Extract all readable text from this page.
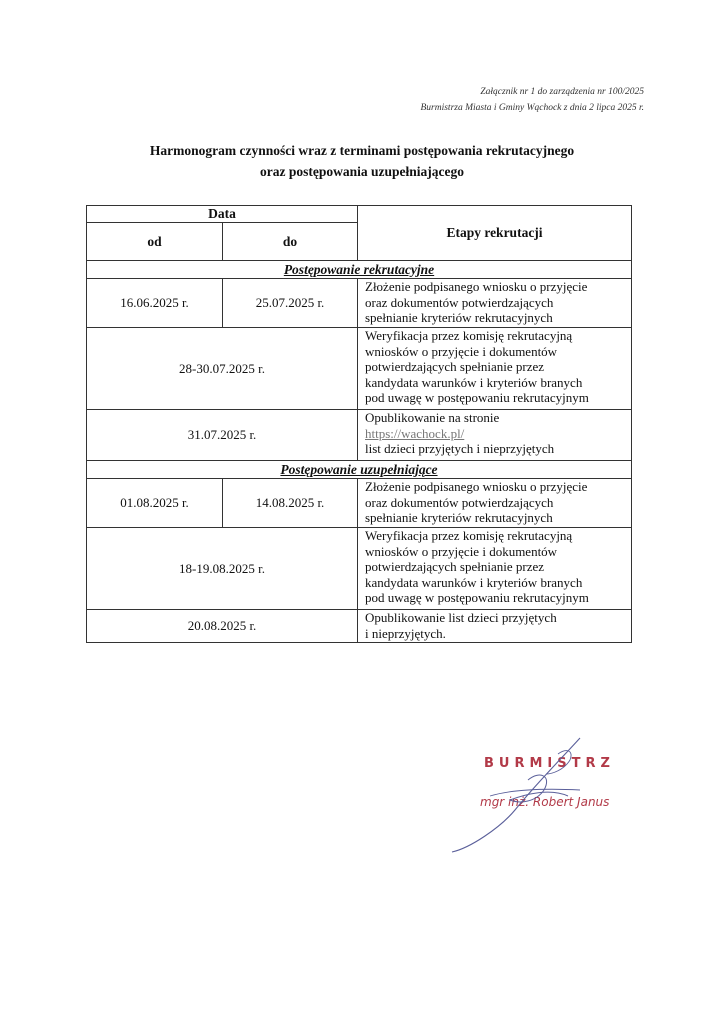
Załącznik nr 1 do zarządzenia nr 100/2025
Burmistrza Miasta i Gminy Wąchock z dnia 2 lipca 2025 r.
Harmonogram czynności wraz z terminami postępowania rekrutacyjnego
oraz postępowania uzupełniającego
Data		Etapy rekrutacji
od	do	
Postępowanie rekrutacyjne		
16.06.2025 r.	25.07.2025 r.	Złożenie podpisanego wniosku o przyjęcie
oraz dokumentów potwierdzających
spełnianie kryteriów rekrutacyjnych

28-30.07.2025 r.		Weryfikacja przez komisję rekrutacyjną
wniosków o przyjęcie i dokumentów
potwierdzających spełnianie przez
kandydata warunków i kryteriów branych
pod uwagę w postępowaniu rekrutacyjnym

31.07.2025 r.		Opublikowanie na stronie
https://wachock.pl/
list dzieci przyjętych i nieprzyjętych

Postępowanie uzupełniające		
01.08.2025 r.	14.08.2025 r.	Złożenie podpisanego wniosku o przyjęcie
oraz dokumentów potwierdzających
spełnianie kryteriów rekrutacyjnych

18-19.08.2025 r.		Weryfikacja przez komisję rekrutacyjną
wniosków o przyjęcie i dokumentów
potwierdzających spełnianie przez
kandydata warunków i kryteriów branych
pod uwagę w postępowaniu rekrutacyjnym

20.08.2025 r.		Opublikowanie list dzieci przyjętych
i nieprzyjętych.
BURMISTRZ
mgr inż. Robert Janus
